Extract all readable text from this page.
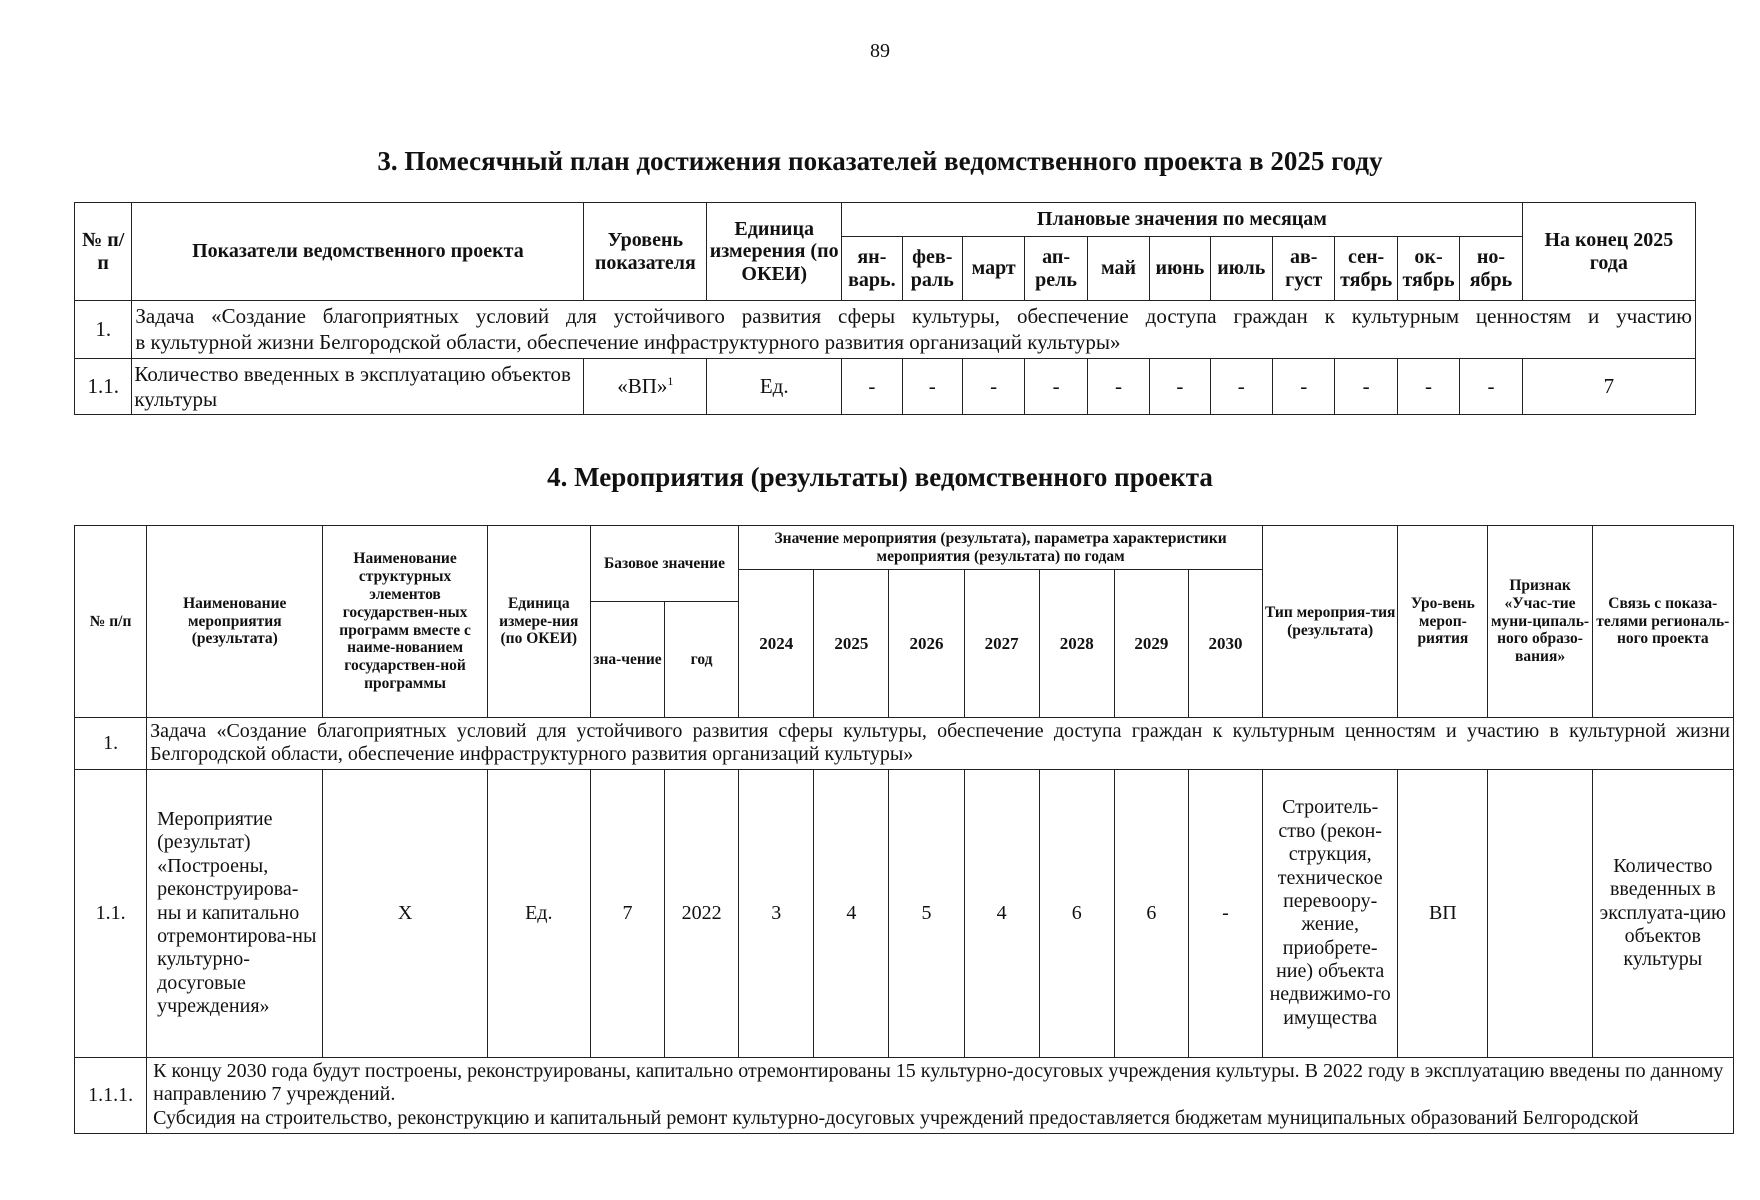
89
3. Помесячный план достижения показателей ведомственного проекта в 2025 году
№ п/п	Показатели ведомственного проекта	Уровень показателя	Единица измерения (по ОКЕИ)	Плановые значения по месяцам											На конец 2025 года
				ян-варь.	фев-раль	март	ап-рель	май	июнь	июль	ав-густ	сен-тябрь	ок-тябрь	но-ябрь	
1.	Задача «Создание благоприятных условий для устойчивого развития сферы культуры, обеспечение доступа граждан к культурным ценностям и участию
в культурной жизни Белгородской области, обеспечение инфраструктурного развития организаций культуры»														

1.1.	Количество введенных в эксплуатацию объектов культуры	«ВП»$^1$	Ед.	-	-	-	-	-	-	-	-	-	-	-	7
4. Мероприятия (результаты) ведомственного проекта
№ п/п	Наименование мероприятия (результата)	Наименование структурных элементов государствен-ных программ вместе с наиме-нованием государствен-ной программы	Единица измере-ния (по ОКЕИ)	Базовое значение		Значение мероприятия (результата), параметра характеристики мероприятия (результата) по годам							Тип мероприя-тия (результата)	Уро-вень мероп-риятия	Признак «Учас-тие муни-ципаль-ного образо-вания»	Связь с показа-телями региональ-ного проекта
						2024	2025	2026	2027	2028	2029	2030				
				зна-чение	год											
1.	Задача «Создание благоприятных условий для устойчивого развития сферы культуры, обеспечение доступа граждан к культурным ценностям и участию в культурной жизни
Белгородской области, обеспечение инфраструктурного развития организаций культуры»															

1.1.	Мероприятие (результат) «Построены, реконструирова-ны и капитально отремонтирова-ны культурно-досуговые учреждения»	Х	Ед.	7	2022	3	4	5	4	6	6	-	Строитель-ство (рекон-струкция, техническое перевоору-жение, приобрете-ние) объекта недвижимо-го имущества	ВП		Количество введенных в эксплуата-цию объектов культуры
1.1.1.	К концу 2030 года будут построены, реконструированы, капитально отремонтированы 15 культурно-досуговых учреждения культуры. В 2022 году в эксплуатацию введены по данному направлению 7 учреждений.
Субсидия на строительство, реконструкцию и капитальный ремонт культурно-досуговых учреждений предоставляется бюджетам муниципальных образований Белгородской															
